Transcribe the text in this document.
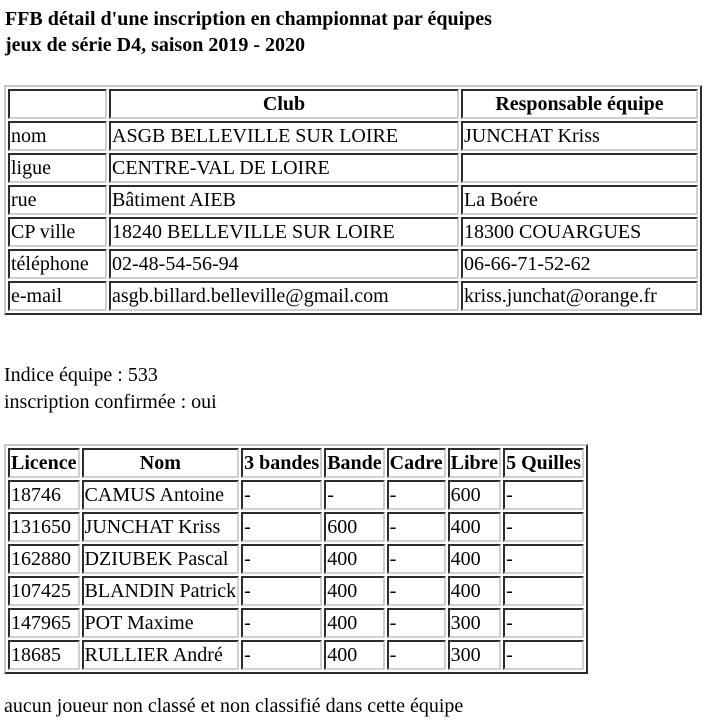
FFB détail d'une inscription en championnat par équipes
jeux de série D4, saison 2019 - 2020
	Club	Responsable équipe
nom	ASGB BELLEVILLE SUR LOIRE	JUNCHAT Kriss
ligue	CENTRE-VAL DE LOIRE	
rue	Bâtiment AIEB	La Boére
CP ville	18240 BELLEVILLE SUR LOIRE	18300 COUARGUES
téléphone	02-48-54-56-94	06-66-71-52-62
e-mail	asgb.billard.belleville@gmail.com	kriss.junchat@orange.fr
Indice équipe : 533
inscription confirmée : oui
Licence	Nom	3 bandes	Bande	Cadre	Libre	5 Quilles
18746	CAMUS Antoine	-	-	-	600	-
131650	JUNCHAT Kriss	-	600	-	400	-
162880	DZIUBEK Pascal	-	400	-	400	-
107425	BLANDIN Patrick	-	400	-	400	-
147965	POT Maxime	-	400	-	300	-
18685	RULLIER André	-	400	-	300	-
aucun joueur non classé et non classifié dans cette équipe
